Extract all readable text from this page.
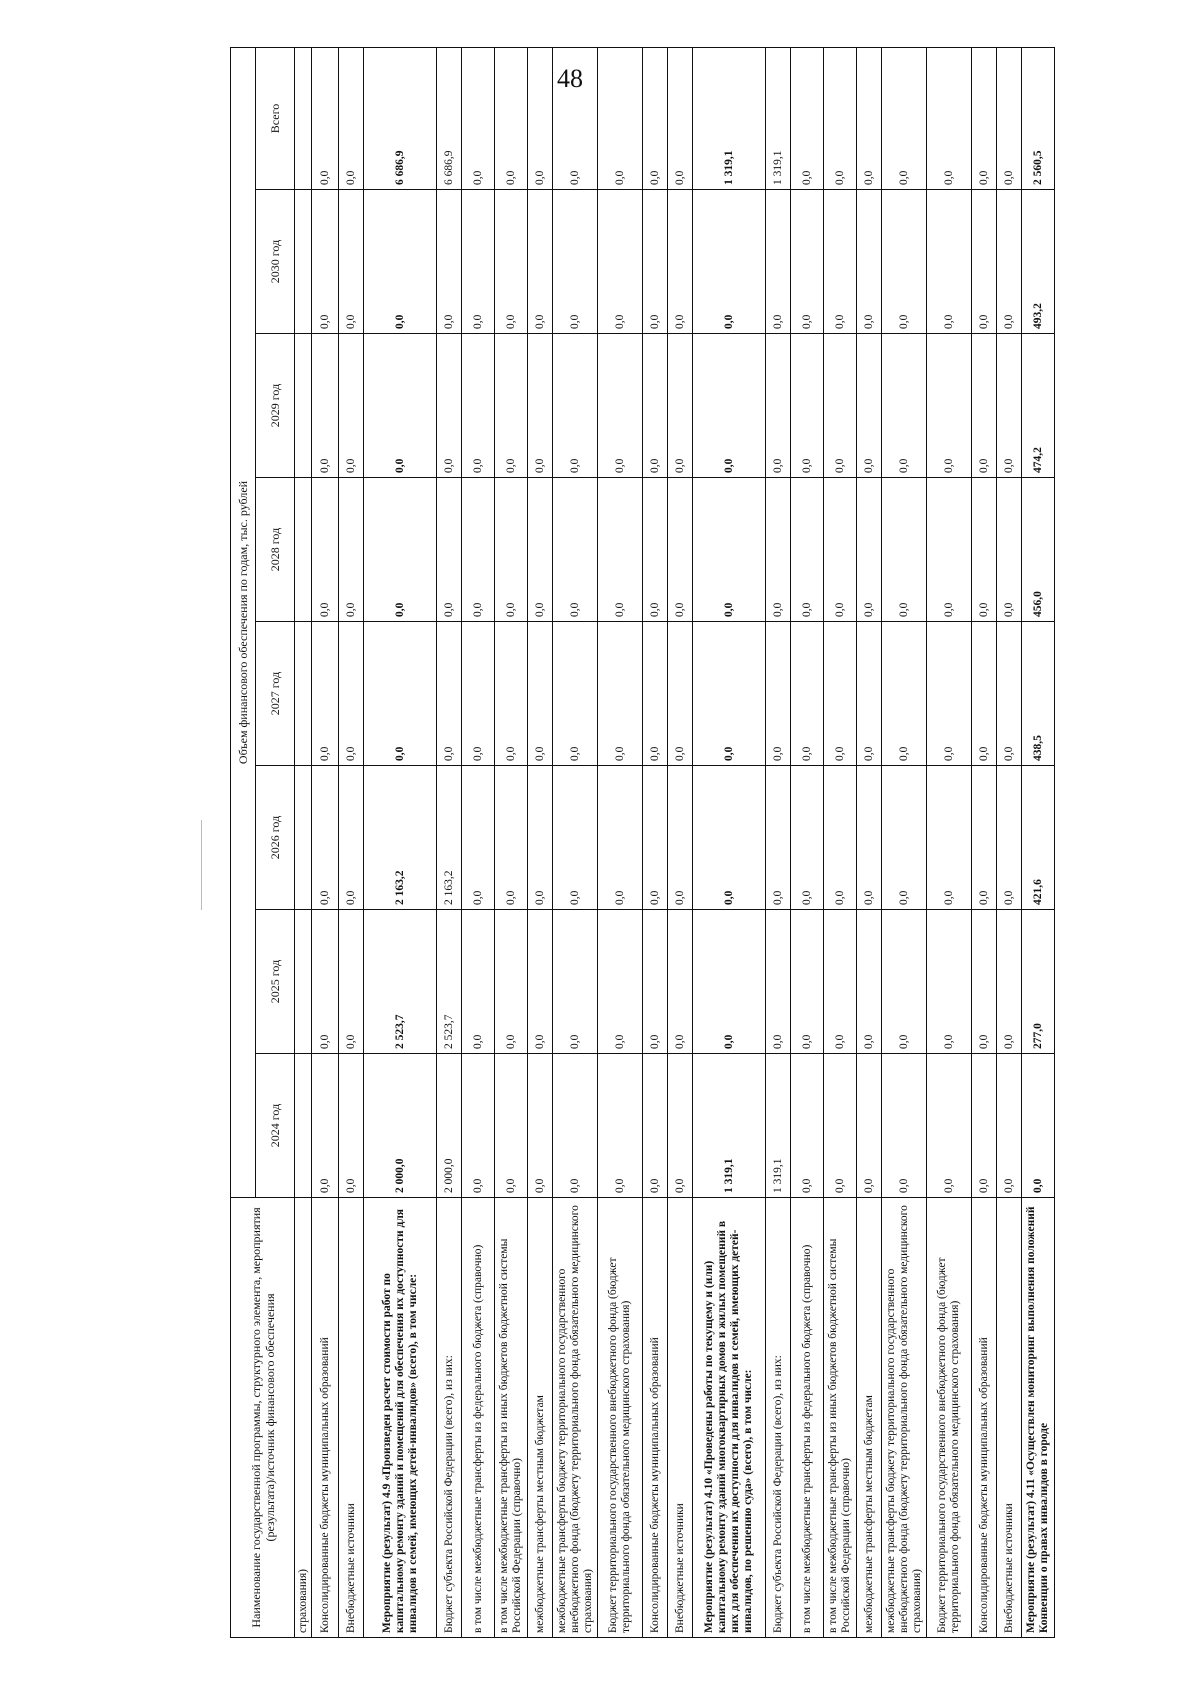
48
Наименование государственной программы, структурного элемента, мероприятия (результата)/источник финансового обеспечения	Объем финансового обеспечения по годам, тыс. рублей							
	2024 год	2025 год	2026 год	2027 год	2028 год	2029 год	2030 год	Всего
страхования)								
Консолидированные бюджеты муниципальных образований	0,0	0,0	0,0	0,0	0,0	0,0	0,0	0,0
Внебюджетные источники	0,0	0,0	0,0	0,0	0,0	0,0	0,0	0,0
Мероприятие (результат) 4.9 «Произведен расчет стоимости работ по капитальному ремонту зданий и помещений для обеспечения их доступности для инвалидов и семей, имеющих детей-инвалидов» (всего), в том числе:	2 000,0	2 523,7	2 163,2	0,0	0,0	0,0	0,0	6 686,9
Бюджет субъекта Российской Федерации (всего), из них:	2 000,0	2 523,7	2 163,2	0,0	0,0	0,0	0,0	6 686,9
в том числе межбюджетные трансферты из федерального бюджета (справочно)	0,0	0,0	0,0	0,0	0,0	0,0	0,0	0,0
в том числе межбюджетные трансферты из иных бюджетов бюджетной системы Российской Федерации (справочно)	0,0	0,0	0,0	0,0	0,0	0,0	0,0	0,0
межбюджетные трансферты местным бюджетам	0,0	0,0	0,0	0,0	0,0	0,0	0,0	0,0
межбюджетные трансферты бюджету территориального государственного внебюджетного фонда (бюджету территориального фонда обязательного медицинского страхования)	0,0	0,0	0,0	0,0	0,0	0,0	0,0	0,0
Бюджет территориального государственного внебюджетного фонда (бюджет территориального фонда обязательного медицинского страхования)	0,0	0,0	0,0	0,0	0,0	0,0	0,0	0,0
Консолидированные бюджеты муниципальных образований	0,0	0,0	0,0	0,0	0,0	0,0	0,0	0,0
Внебюджетные источники	0,0	0,0	0,0	0,0	0,0	0,0	0,0	0,0
Мероприятие (результат) 4.10 «Проведены работы по текущему и (или) капитальному ремонту зданий многоквартирных домов и жилых помещений в них для обеспечения их доступности для инвалидов и семей, имеющих детей-инвалидов, по решению суда» (всего), в том числе:	1 319,1	0,0	0,0	0,0	0,0	0,0	0,0	1 319,1
Бюджет субъекта Российской Федерации (всего), из них:	1 319,1	0,0	0,0	0,0	0,0	0,0	0,0	1 319,1
в том числе межбюджетные трансферты из федерального бюджета (справочно)	0,0	0,0	0,0	0,0	0,0	0,0	0,0	0,0
в том числе межбюджетные трансферты из иных бюджетов бюджетной системы Российской Федерации (справочно)	0,0	0,0	0,0	0,0	0,0	0,0	0,0	0,0
межбюджетные трансферты местным бюджетам	0,0	0,0	0,0	0,0	0,0	0,0	0,0	0,0
межбюджетные трансферты бюджету территориального государственного внебюджетного фонда (бюджету территориального фонда обязательного медицинского страхования)	0,0	0,0	0,0	0,0	0,0	0,0	0,0	0,0
Бюджет территориального государственного внебюджетного фонда (бюджет территориального фонда обязательного медицинского страхования)	0,0	0,0	0,0	0,0	0,0	0,0	0,0	0,0
Консолидированные бюджеты муниципальных образований	0,0	0,0	0,0	0,0	0,0	0,0	0,0	0,0
Внебюджетные источники	0,0	0,0	0,0	0,0	0,0	0,0	0,0	0,0
Мероприятие (результат) 4.11 «Осуществлен мониторинг выполнения положений Конвенции о правах инвалидов в городе	0,0	277,0	421,6	438,5	456,0	474,2	493,2	2 560,5
